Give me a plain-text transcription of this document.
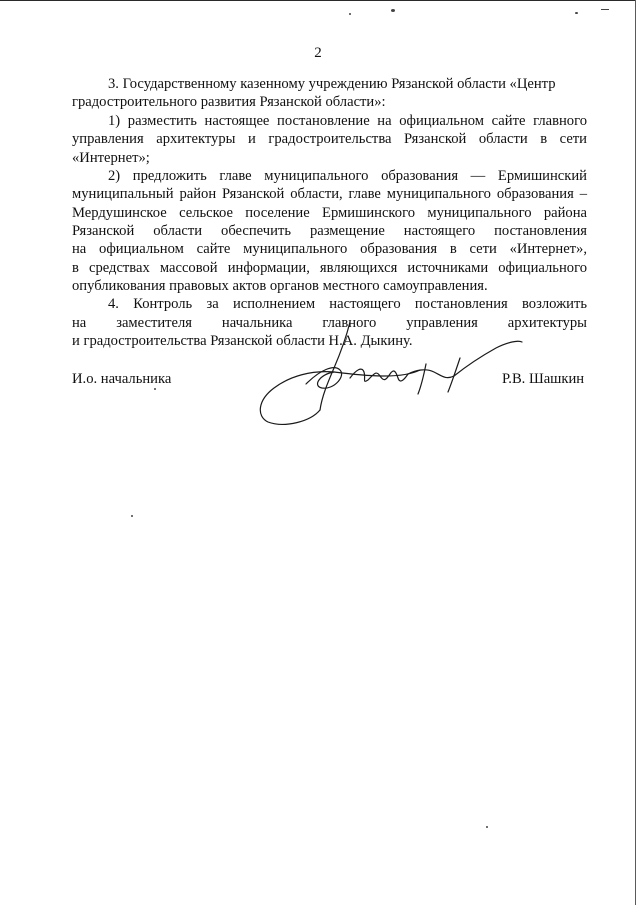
2
3. Государственному казенному учреждению Рязанской области «Центр
градостроительного развития Рязанской области»:
1) разместить настоящее постановление на официальном сайте главного
управления архитектуры и градостроительства Рязанской области в сети
«Интернет»;
2) предложить главе муниципального образования — Ермишинский
муниципальный район Рязанской области, главе муниципального образования –
Мердушинское сельское поселение Ермишинского муниципального района
Рязанской области обеспечить размещение настоящего постановления
на официальном сайте муниципального образования в сети «Интернет»,
в средствах массовой информации, являющихся источниками официального
опубликования правовых актов органов местного самоуправления.
4. Контроль за исполнением настоящего постановления возложить
на заместителя начальника главного управления архитектуры
и градостроительства Рязанской области Н.А. Дыкину.
И.о. начальника	Р.В. Шашкин
